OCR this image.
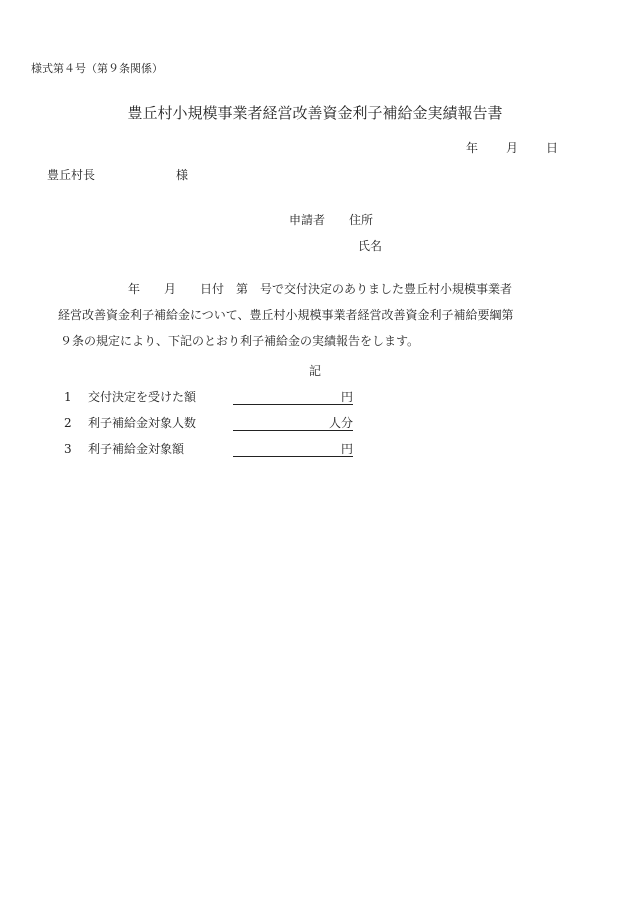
様式第４号（第９条関係）
豊丘村小規模事業者経営改善資金利子補給金実績報告書
年 月 日
豊丘村長	様
申請者 住所
氏名

年　　月　　日付　第　号で交付決定のありました豊丘村小規模事業者

経営改善資金利子補給金について、豊丘村小規模事業者経営改善資金利子補給要綱第

９条の規定により、下記のとおり利子補給金の実績報告をします。

記
1 交付決定を受けた額	円
2 利子補給金対象人数	人分
3 利子補給金対象額	円
